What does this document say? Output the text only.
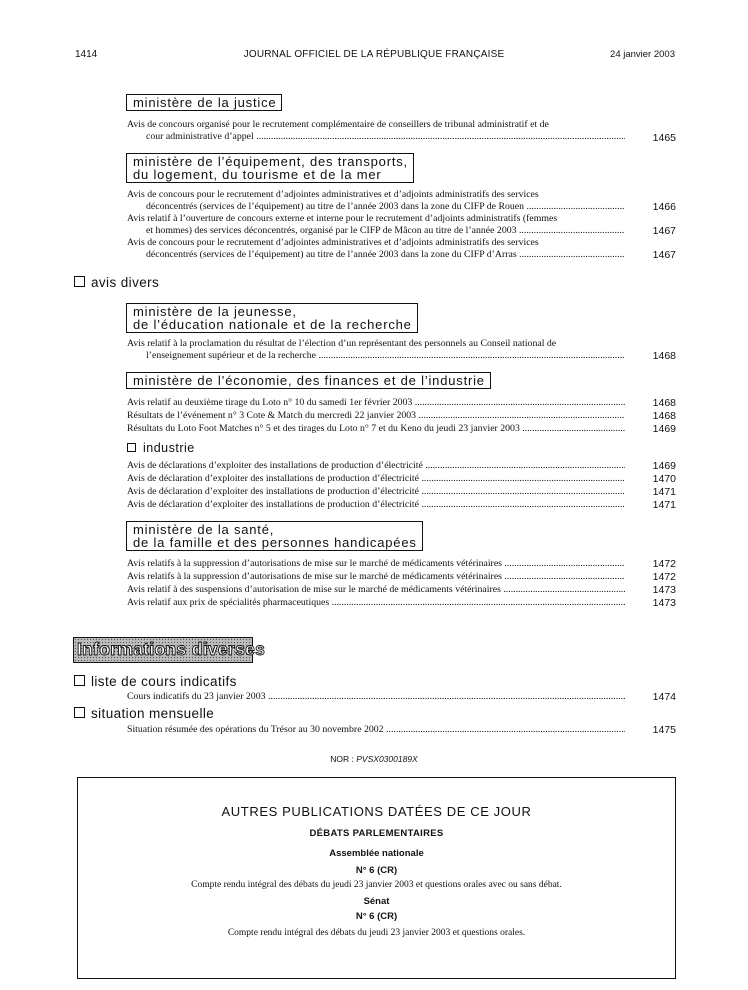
1414	JOURNAL OFFICIEL DE LA RÉPUBLIQUE FRANÇAISE	24 janvier 2003
ministère de la justice
Avis de concours organisé pour le recrutement complémentaire de conseillers de tribunal administratif et de
cour administrative d’appel .....	1465
ministère de l’équipement, des transports,
du logement, du tourisme et de la mer
Avis de concours pour le recrutement d’adjointes administratives et d’adjoints administratifs des services
déconcentrés (services de l’équipement) au titre de l’année 2003 dans la zone du CIFP de Rouen .....	1466
Avis relatif à l’ouverture de concours externe et interne pour le recrutement d’adjoints administratifs (femmes
et hommes) des services déconcentrés, organisé par le CIFP de Mâcon au titre de l’année 2003 .....	1467
Avis de concours pour le recrutement d’adjointes administratives et d’adjoints administratifs des services
déconcentrés (services de l’équipement) au titre de l’année 2003 dans la zone du CIFP d’Arras .....	1467
avis divers
ministère de la jeunesse,
de l’éducation nationale et de la recherche
Avis relatif à la proclamation du résultat de l’élection d’un représentant des personnels au Conseil national de
l’enseignement supérieur et de la recherche .....	1468
ministère de l’économie, des finances et de l’industrie
Avis relatif au deuxième tirage du Loto n° 10 du samedi 1er février 2003 .....	1468
Résultats de l’événement n° 3 Cote & Match du mercredi 22 janvier 2003 .....	1468
Résultats du Loto Foot Matches n° 5 et des tirages du Loto n° 7 et du Keno du jeudi 23 janvier 2003 .....	1469
industrie
Avis de déclarations d’exploiter des installations de production d’électricité .....	1469
Avis de déclaration d’exploiter des installations de production d’électricité .....	1470
Avis de déclaration d’exploiter des installations de production d’électricité .....	1471
Avis de déclaration d’exploiter des installations de production d’électricité .....	1471
ministère de la santé,
de la famille et des personnes handicapées
Avis relatifs à la suppression d’autorisations de mise sur le marché de médicaments vétérinaires .....	1472
Avis relatifs à la suppression d’autorisations de mise sur le marché de médicaments vétérinaires .....	1472
Avis relatif à des suspensions d’autorisation de mise sur le marché de médicaments vétérinaires .....	1473
Avis relatif aux prix de spécialités pharmaceutiques .....	1473
Informations diverses
liste de cours indicatifs
Cours indicatifs du 23 janvier 2003 .....	1474
situation mensuelle
Situation résumée des opérations du Trésor au 30 novembre 2002 .....	1475
NOR : PVSX0300189X
AUTRES PUBLICATIONS DATÉES DE CE JOUR
DÉBATS PARLEMENTAIRES
Assemblée nationale
N° 6 (CR)
Compte rendu intégral des débats du jeudi 23 janvier 2003 et questions orales avec ou sans débat.
Sénat
N° 6 (CR)
Compte rendu intégral des débats du jeudi 23 janvier 2003 et questions orales.
